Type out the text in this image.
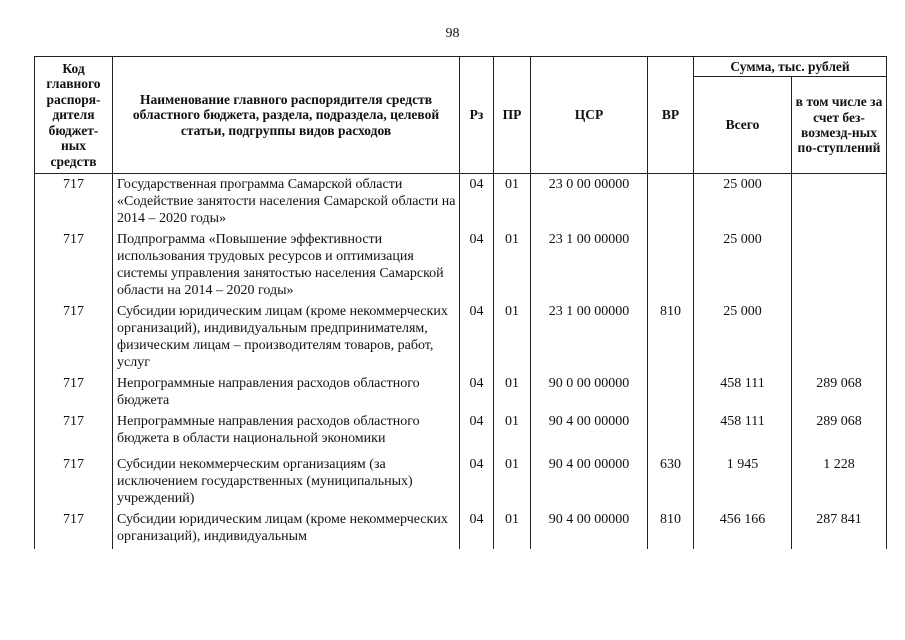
98
Код главного распоря-дителя бюджет-ных средств	Наименование главного распорядителя средств областного бюджета, раздела, подраздела, целевой статьи, подгруппы видов расходов	Рз	ПР	ЦСР	ВР	Сумма, тыс. рублей	
						Всего	в том числе за счет без-возмезд-ных по-ступлений
717	Государственная программа Самарской области «Содействие занятости населения Самарской области на 2014 – 2020 годы»	04	01	23 0 00 00000		25 000	
717	Подпрограмма «Повышение эффективности использования трудовых ресурсов и оптимизация системы управления занятостью населения Самарской области на 2014 – 2020 годы»	04	01	23 1 00 00000		25 000	
717	Субсидии юридическим лицам (кроме некоммерческих организаций), индивидуальным предпринимателям, физическим лицам – производителям товаров, работ, услуг	04	01	23 1 00 00000	810	25 000	
717	Непрограммные направления расходов областного бюджета	04	01	90 0 00 00000		458 111	289 068
717	Непрограммные направления расходов областного бюджета в области национальной экономики	04	01	90 4 00 00000		458 111	289 068
717	Субсидии некоммерческим организациям (за исключением государственных (муниципальных) учреждений)	04	01	90 4 00 00000	630	1 945	1 228
717	Субсидии юридическим лицам (кроме некоммерческих организаций), индивидуальным	04	01	90 4 00 00000	810	456 166	287 841
